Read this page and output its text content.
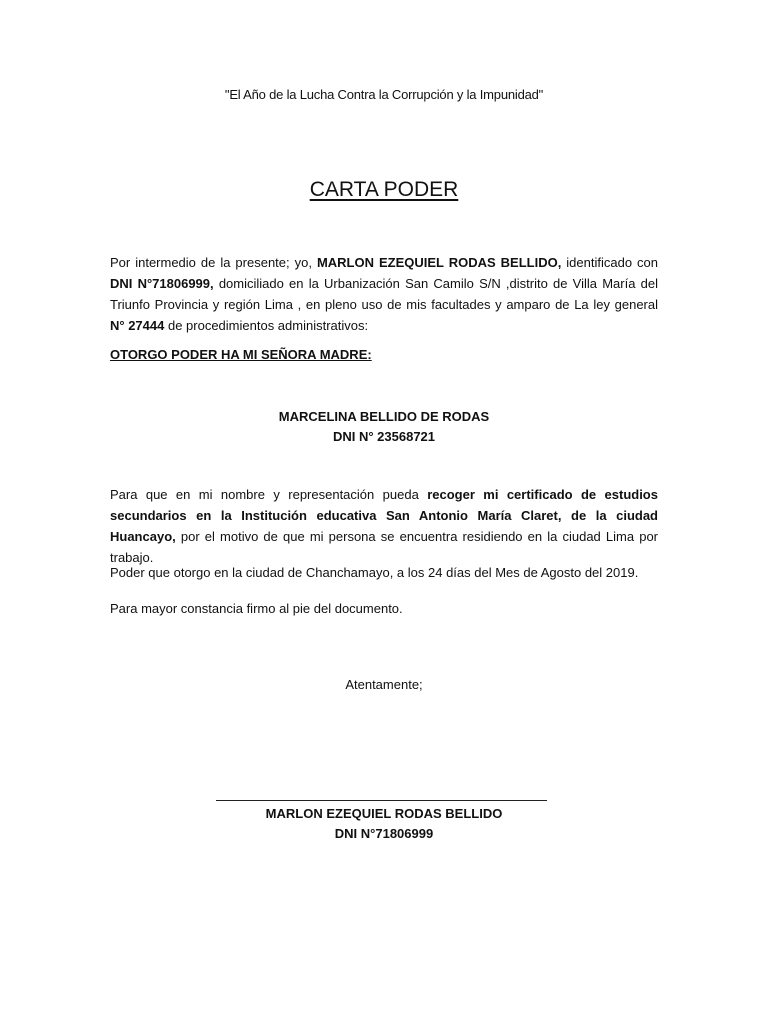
"El Año de la Lucha Contra la Corrupción y la Impunidad"
CARTA PODER
Por intermedio de la presente; yo, MARLON EZEQUIEL RODAS BELLIDO, identificado con DNI N°71806999, domiciliado en la Urbanización San Camilo S/N ,distrito de Villa María del Triunfo Provincia y región Lima , en pleno uso de mis facultades y amparo de La ley general N° 27444 de procedimientos administrativos:
OTORGO PODER HA MI SEÑORA MADRE:
MARCELINA BELLIDO DE RODAS
DNI N° 23568721
Para que en mi nombre y representación pueda recoger mi certificado de estudios secundarios en la Institución educativa San Antonio María Claret, de la ciudad Huancayo, por el motivo de que mi persona se encuentra residiendo en la ciudad Lima por trabajo.
Poder que otorgo en la ciudad de Chanchamayo, a los 24 días del Mes de Agosto del 2019.
Para mayor constancia firmo al pie del documento.
Atentamente;
MARLON EZEQUIEL RODAS BELLIDO
DNI N°71806999
